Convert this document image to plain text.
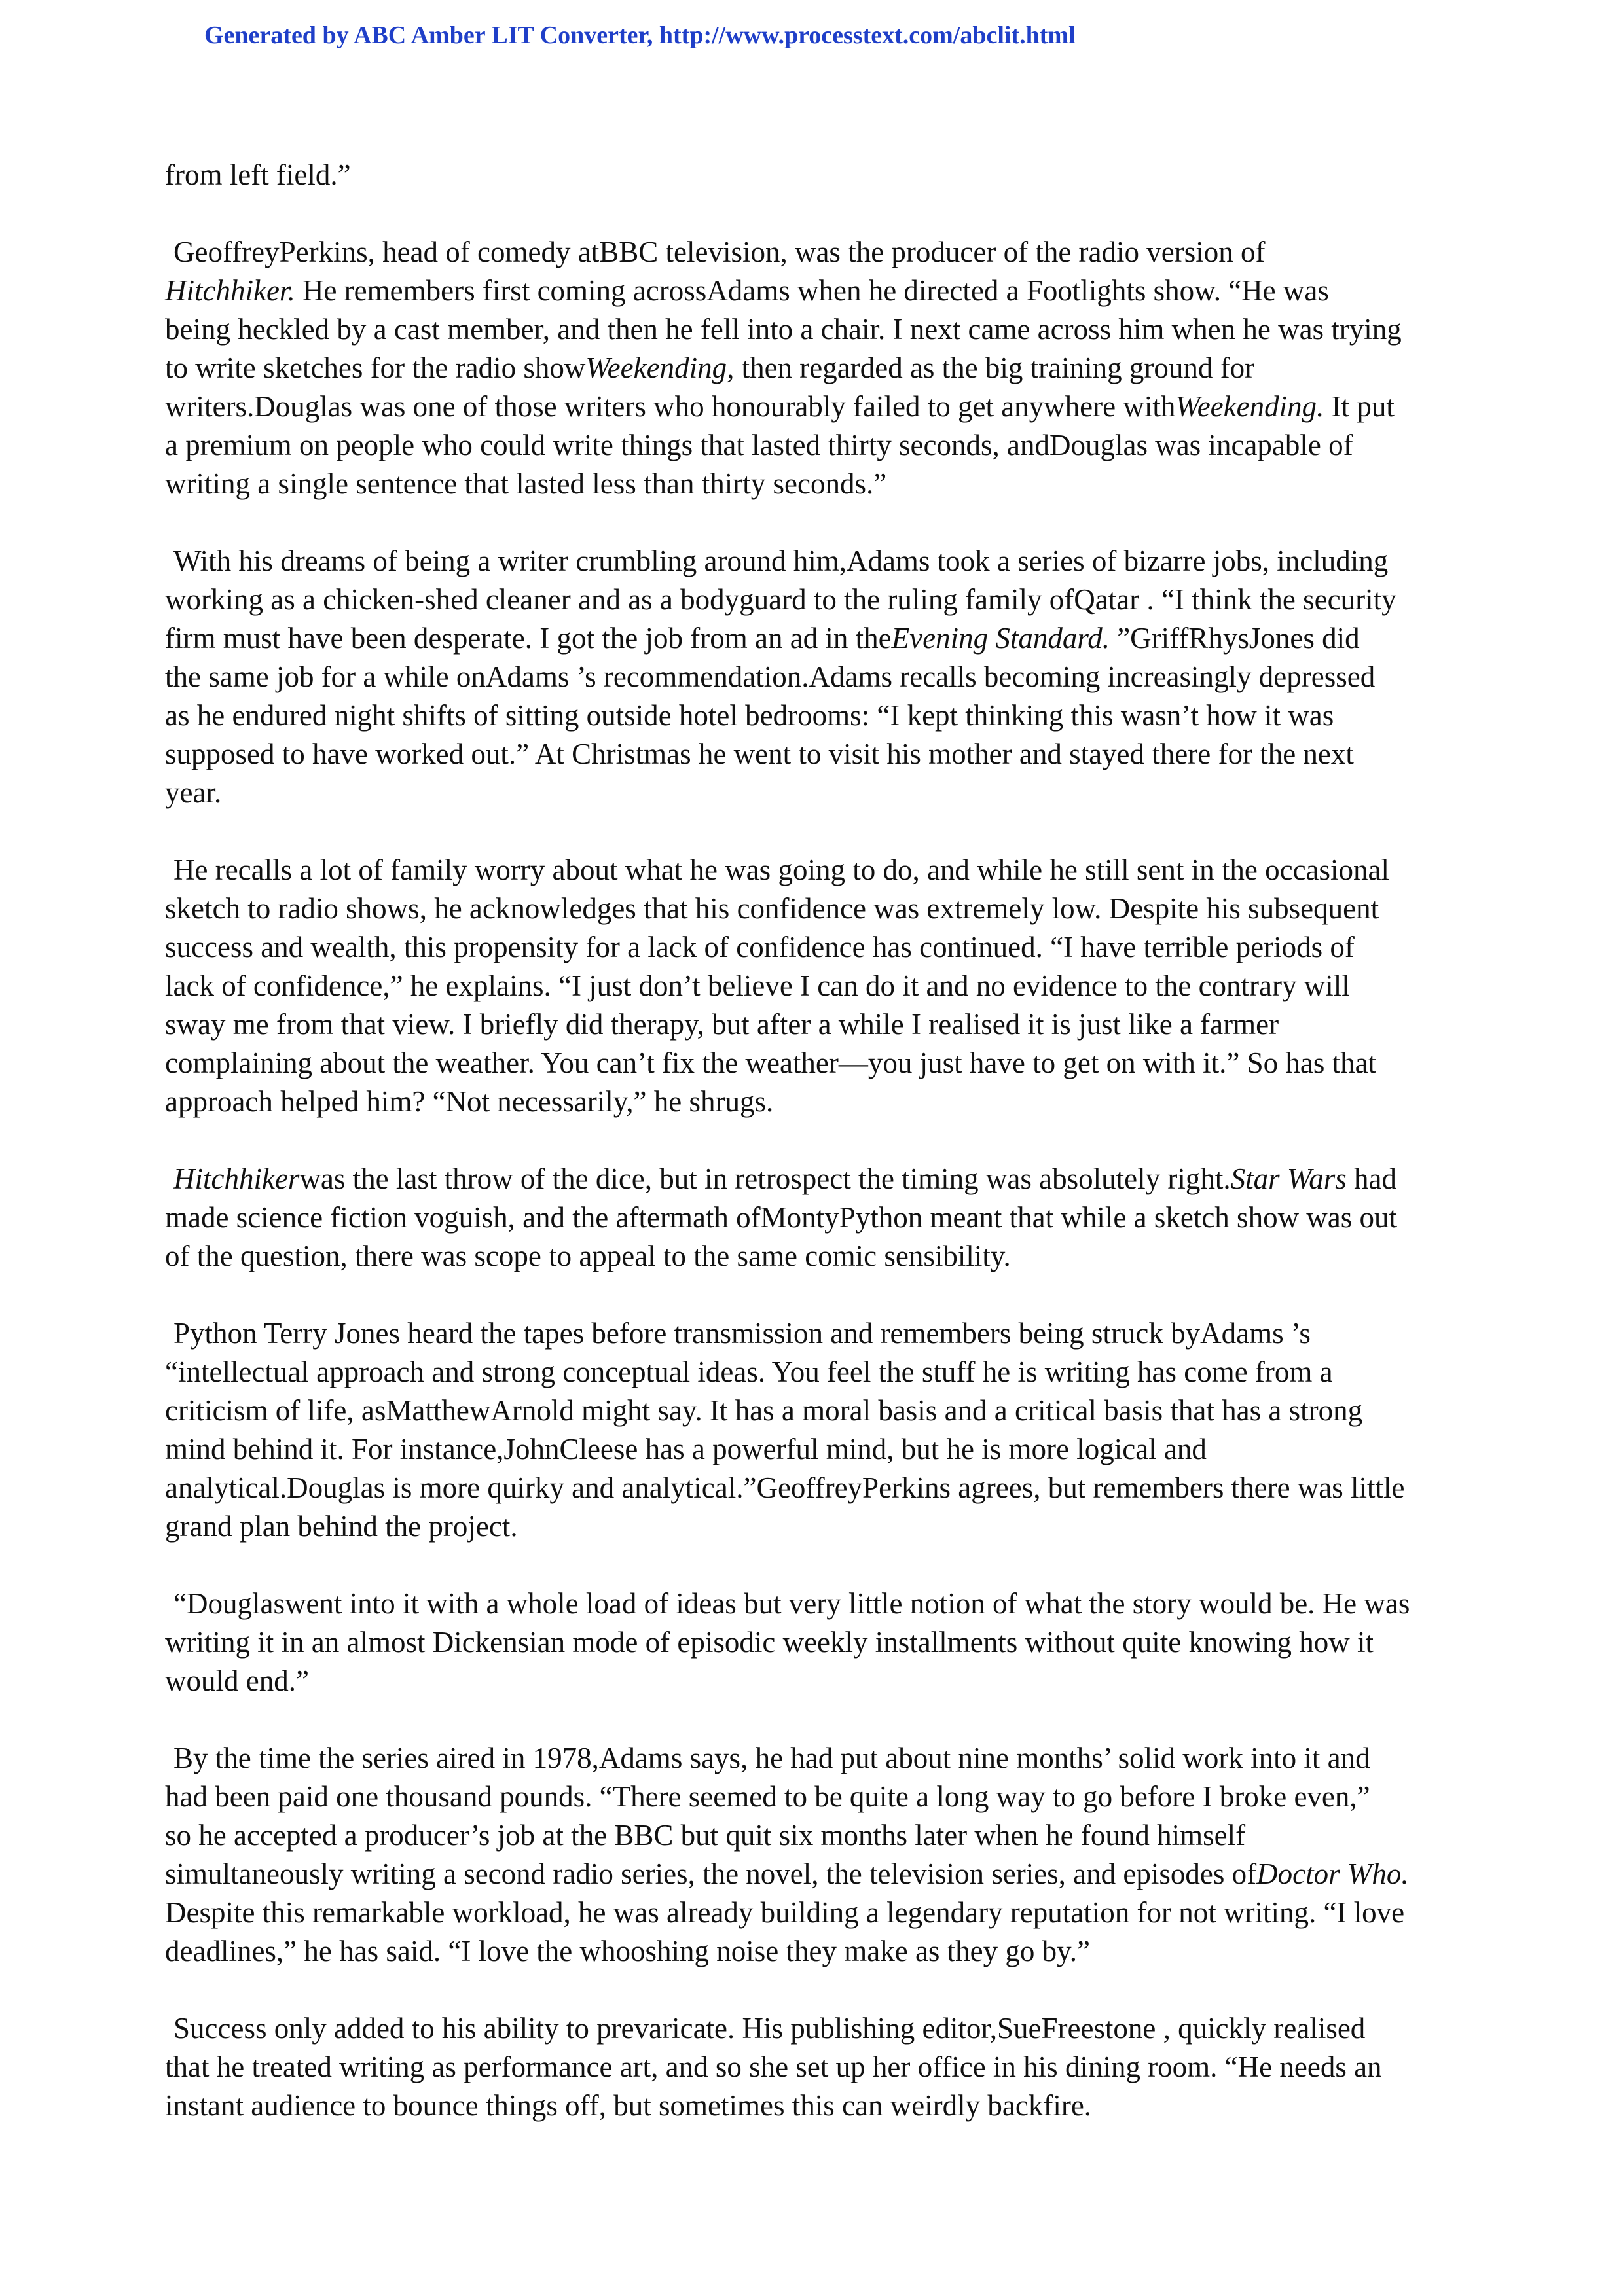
Generated by ABC Amber LIT Converter, http://www.processtext.com/abclit.html
from left field.”
GeoffreyPerkins, head of comedy atBBC television, was the producer of the radio version of
Hitchhiker. He remembers first coming acrossAdams when he directed a Footlights show. “He was
being heckled by a cast member, and then he fell into a chair. I next came across him when he was trying
to write sketches for the radio showWeekending, then regarded as the big training ground for
writers.Douglas was one of those writers who honourably failed to get anywhere withWeekending. It put
a premium on people who could write things that lasted thirty seconds, andDouglas was incapable of
writing a single sentence that lasted less than thirty seconds.”
With his dreams of being a writer crumbling around him,Adams took a series of bizarre jobs, including
working as a chicken-shed cleaner and as a bodyguard to the ruling family ofQatar . “I think the security
firm must have been desperate. I got the job from an ad in theEvening Standard. ”GriffRhysJones did
the same job for a while onAdams ’s recommendation.Adams recalls becoming increasingly depressed
as he endured night shifts of sitting outside hotel bedrooms: “I kept thinking this wasn’t how it was
supposed to have worked out.” At Christmas he went to visit his mother and stayed there for the next
year.
He recalls a lot of family worry about what he was going to do, and while he still sent in the occasional
sketch to radio shows, he acknowledges that his confidence was extremely low. Despite his subsequent
success and wealth, this propensity for a lack of confidence has continued. “I have terrible periods of
lack of confidence,” he explains. “I just don’t believe I can do it and no evidence to the contrary will
sway me from that view. I briefly did therapy, but after a while I realised it is just like a farmer
complaining about the weather. You can’t fix the weather—you just have to get on with it.” So has that
approach helped him? “Not necessarily,” he shrugs.
Hitchhikerwas the last throw of the dice, but in retrospect the timing was absolutely right.Star Wars had
made science fiction voguish, and the aftermath ofMontyPython meant that while a sketch show was out
of the question, there was scope to appeal to the same comic sensibility.
Python Terry Jones heard the tapes before transmission and remembers being struck byAdams ’s
“intellectual approach and strong conceptual ideas. You feel the stuff he is writing has come from a
criticism of life, asMatthewArnold might say. It has a moral basis and a critical basis that has a strong
mind behind it. For instance,JohnCleese has a powerful mind, but he is more logical and
analytical.Douglas is more quirky and analytical.”GeoffreyPerkins agrees, but remembers there was little
grand plan behind the project.
“Douglaswent into it with a whole load of ideas but very little notion of what the story would be. He was
writing it in an almost Dickensian mode of episodic weekly installments without quite knowing how it
would end.”
By the time the series aired in 1978,Adams says, he had put about nine months’ solid work into it and
had been paid one thousand pounds. “There seemed to be quite a long way to go before I broke even,”
so he accepted a producer’s job at the BBC but quit six months later when he found himself
simultaneously writing a second radio series, the novel, the television series, and episodes ofDoctor Who.
Despite this remarkable workload, he was already building a legendary reputation for not writing. “I love
deadlines,” he has said. “I love the whooshing noise they make as they go by.”
Success only added to his ability to prevaricate. His publishing editor,SueFreestone , quickly realised
that he treated writing as performance art, and so she set up her office in his dining room. “He needs an
instant audience to bounce things off, but sometimes this can weirdly backfire.
